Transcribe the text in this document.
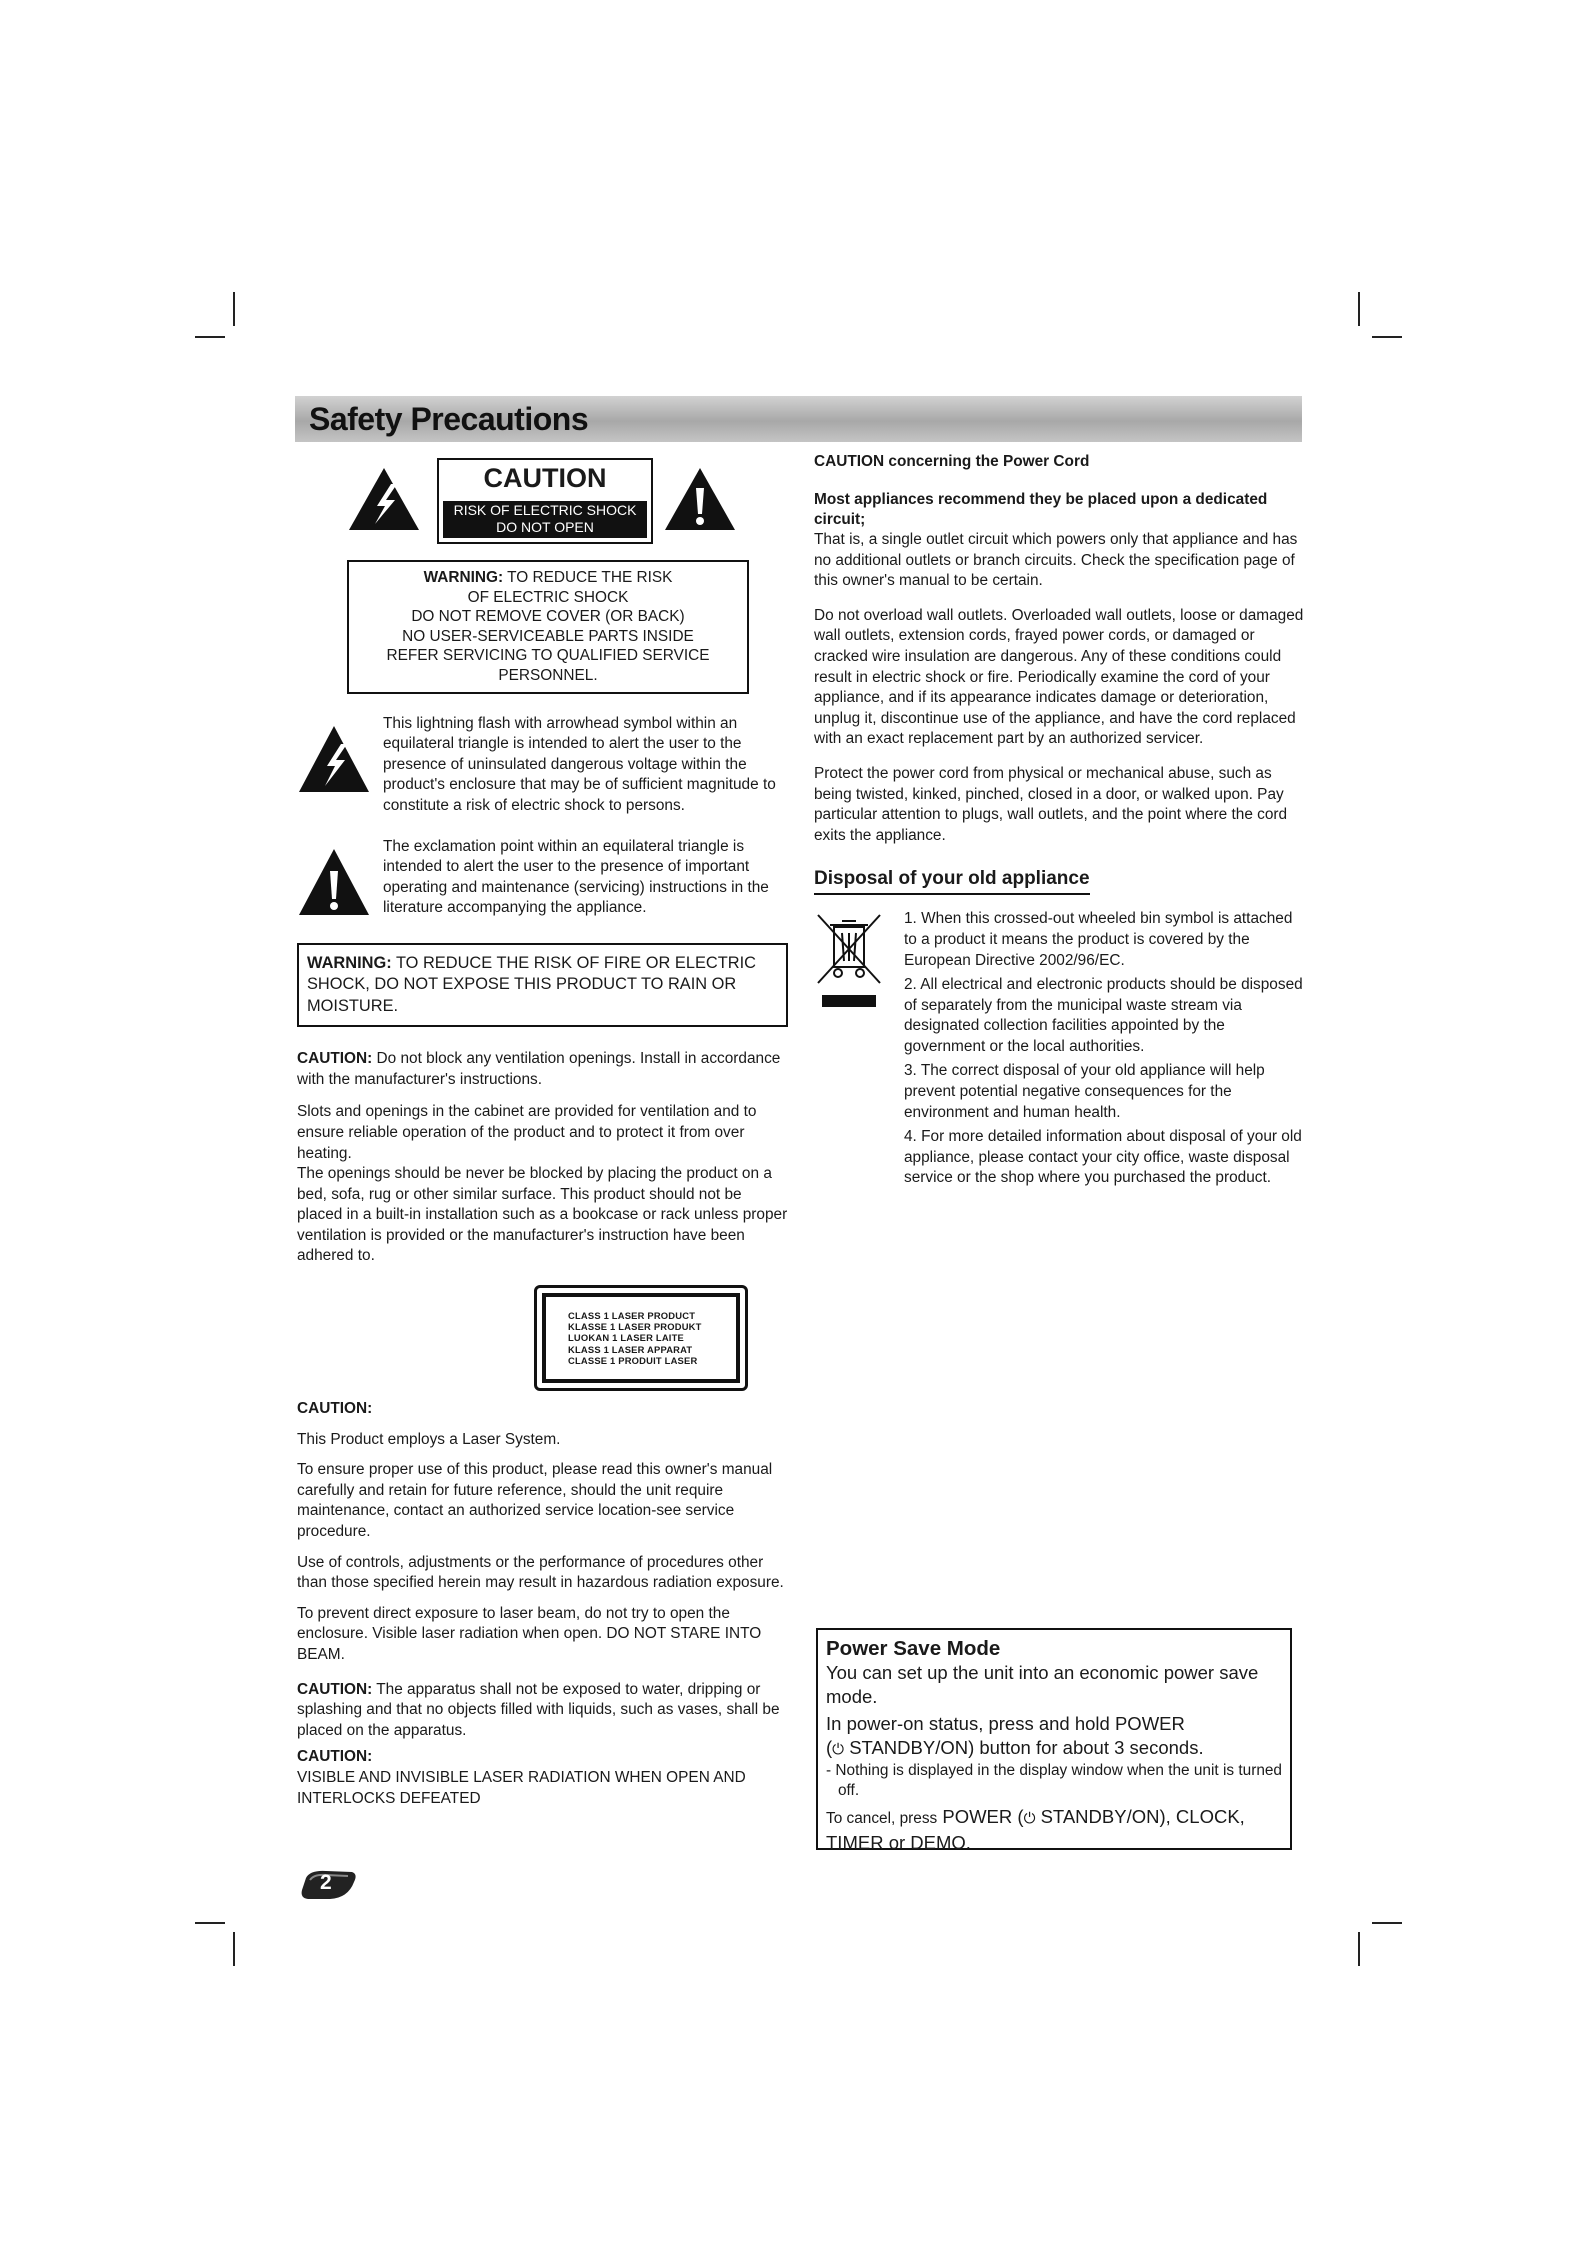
Safety Precautions
CAUTION
RISK OF ELECTRIC SHOCK
DO NOT OPEN
WARNING: TO REDUCE THE RISK
OF ELECTRIC SHOCK
DO NOT REMOVE COVER (OR BACK)
NO USER-SERVICEABLE PARTS INSIDE
REFER SERVICING TO QUALIFIED SERVICE
PERSONNEL.
This lightning flash with arrowhead symbol within an equilateral triangle is intended to alert the user to the presence of uninsulated dangerous voltage within the product's enclosure that may be of sufficient magnitude to constitute a risk of electric shock to persons.
The exclamation point within an equilateral triangle is intended to alert the user to the presence of important operating and maintenance (servicing) instructions in the literature accompanying the appliance.
WARNING: TO REDUCE THE RISK OF FIRE OR ELECTRIC SHOCK, DO NOT EXPOSE THIS PRODUCT TO RAIN OR MOISTURE.

CAUTION: Do not block any ventilation openings. Install in accordance with the manufacturer's instructions.

Slots and openings in the cabinet are provided for ventilation and to ensure reliable operation of the product and to protect it from over heating.

The openings should be never be blocked by placing the product on a bed, sofa, rug or other similar surface. This product should not be placed in a built-in installation such as a bookcase or rack unless proper ventilation is provided or the manufacturer's instruction have been adhered to.

CLASS 1 LASER PRODUCT
KLASSE 1 LASER PRODUKT
LUOKAN 1 LASER LAITE
KLASS 1 LASER APPARAT
CLASSE 1 PRODUIT LASER

CAUTION:

This Product employs a Laser System.

To ensure proper use of this product, please read this owner's manual carefully and retain for future reference, should the unit require maintenance, contact an authorized service location-see service procedure.

Use of controls, adjustments or the performance of procedures other than those specified herein may result in hazardous radiation exposure.

To prevent direct exposure to laser beam, do not try to open the enclosure. Visible laser radiation when open. DO NOT STARE INTO BEAM.

CAUTION: The apparatus shall not be exposed to water, dripping or splashing and that no objects filled with liquids, such as vases, shall be placed on the apparatus.

CAUTION:

VISIBLE AND INVISIBLE LASER RADIATION WHEN OPEN AND INTERLOCKS DEFEATED

CAUTION concerning the Power Cord
Most appliances recommend they be placed upon a dedicated circuit;

That is, a single outlet circuit which powers only that appliance and has no additional outlets or branch circuits. Check the specification page of this owner's manual to be certain.

Do not overload wall outlets. Overloaded wall outlets, loose or damaged wall outlets, extension cords, frayed power cords, or damaged or cracked wire insulation are dangerous. Any of these conditions could result in electric shock or fire. Periodically examine the cord of your appliance, and if its appearance indicates damage or deterioration, unplug it, discontinue use of the appliance, and have the cord replaced with an exact replacement part by an authorized servicer.

Protect the power cord from physical or mechanical abuse, such as being twisted, kinked, pinched, closed in a door, or walked upon. Pay particular attention to plugs, wall outlets, and the point where the cord exits the appliance.

Disposal of your old appliance

1. When this crossed-out wheeled bin symbol is attached to a product it means the product is covered by the European Directive 2002/96/EC.

2. All electrical and electronic products should be disposed of separately from the municipal waste stream via designated collection facilities appointed by the government or the local authorities.

3. The correct disposal of your old appliance will help prevent potential negative consequences for the environment and human health.

4. For more detailed information about disposal of your old appliance, please contact your city office, waste disposal service or the shop where you purchased the product.

Power Save Mode
You can set up the unit into an economic power save mode.
In power-on status, press and hold POWER
(⏻ STANDBY/ON) button for about 3 seconds.
- Nothing is displayed in the display window when the unit is turned off.
To cancel, press POWER (⏻ STANDBY/ON), CLOCK, TIMER or DEMO.
2
